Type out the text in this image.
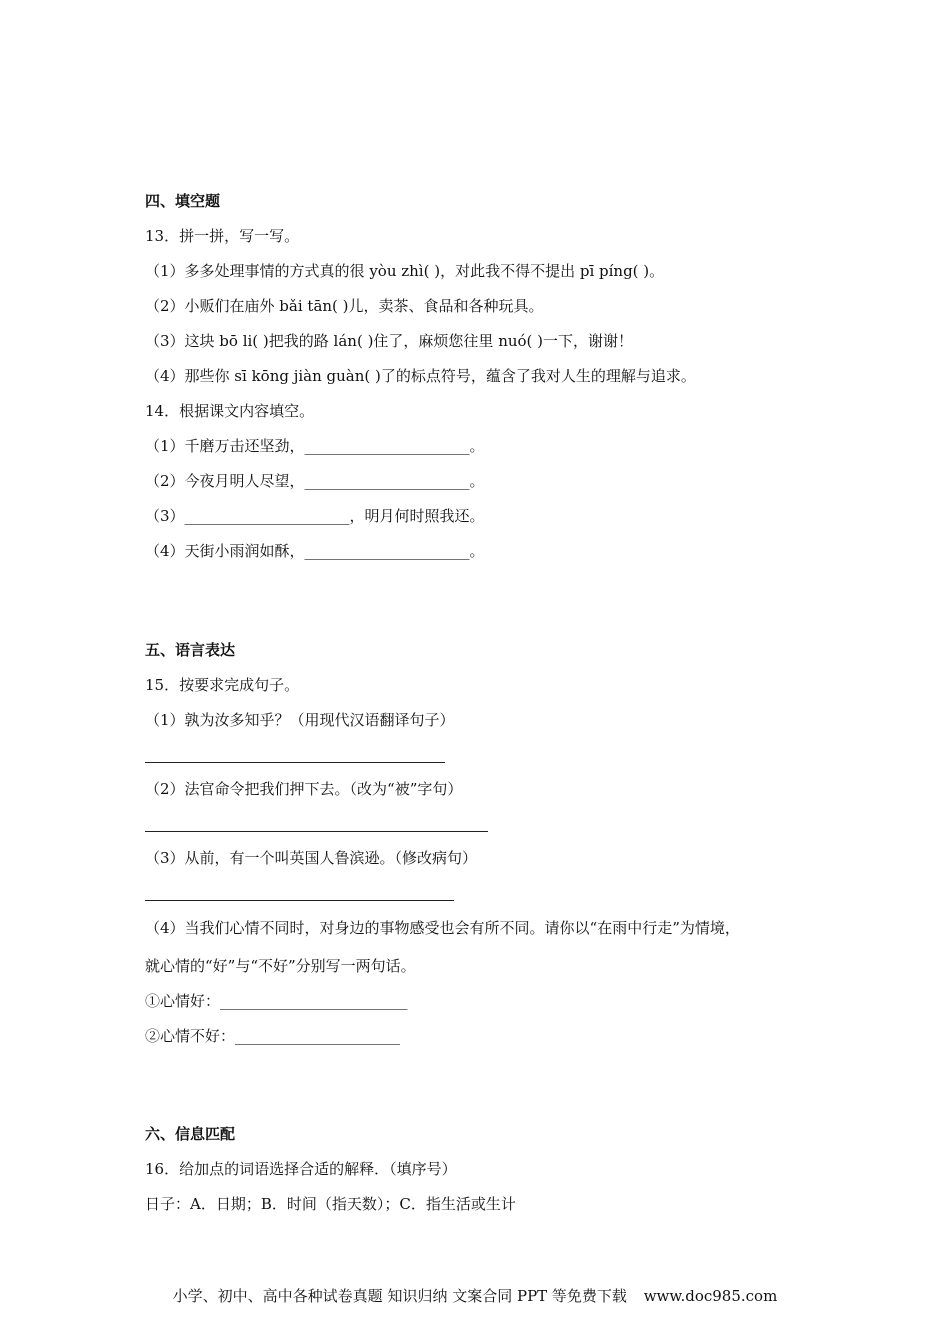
四、填空题
13．拼一拼，写一写。
（1）多多处理事情的方式真的很 yòu zhì( )，对此我不得不提出 pī píng( )。
（2）小贩们在庙外 bǎi tān( )儿，卖茶、食品和各种玩具。
（3）这块 bō li( )把我的路 lán( )住了，麻烦您往里 nuó( )一下，谢谢！
（4）那些你 sī kōng jiàn guàn( )了的标点符号，蕴含了我对人生的理解与追求。
14．根据课文内容填空。
（1）千磨万击还坚劲，______________________。
（2）今夜月明人尽望，______________________。
（3）______________________，明月何时照我还。
（4）天街小雨润如酥，______________________。
五、语言表达
15．按要求完成句子。
（1）孰为汝多知乎？（用现代汉语翻译句子）
（2）法官命令把我们押下去。（改为“被”字句）
（3）从前，有一个叫英国人鲁滨逊。（修改病句）
（4）当我们心情不同时，对身边的事物感受也会有所不同。请你以“在雨中行走”为情境，
就心情的“好”与“不好”分别写一两句话。
①心情好：_________________________
②心情不好：______________________
六、信息匹配
16．给加点的词语选择合适的解释．（填序号）
日子：A．日期；B．时间（指天数）；C．指生活或生计
小学、初中、高中各种试卷真题 知识归纳 文案合同 PPT 等免费下载 www.doc985.com
